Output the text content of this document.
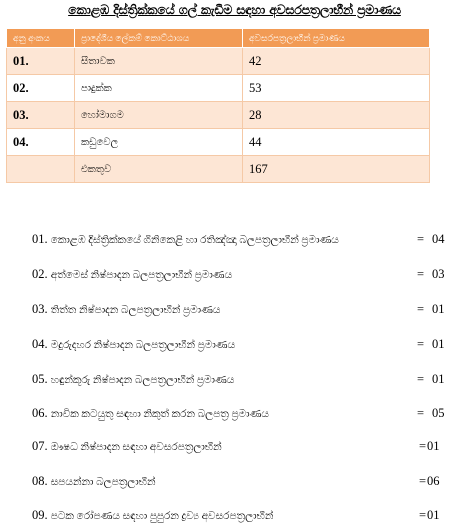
කොළඹ දිස්ත්‍රික්කයේ ගල් කැඩීම සඳහා අවසරපත්‍රලාභීන් ප්‍රමාණය
අනු අංකය	ප්‍රාදේශීය ලේකම් කොට්ඨාශය	අවසරපත්‍රලාභීන් ප්‍රමාණය
01.	සීතාවක	42
02.	පාදුක්ක	53
03.	හෝමාගම	28
04.	කඩුවෙල	44
	එකතුව	167
01. කොළඹ දිස්ත්‍රික්කයේ ගිනිකෙළි හා රතිඤ්ඤා බලපත්‍රලාභීන් ප්‍රමාණය	= 04
02. අත්මෙස් නිෂ්පාදන බලපත්‍රලාභීන් ප්‍රමාණය	= 03
03. තිත්ත නිෂ්පාදන බලපත්‍රලාභීන් ප්‍රමාණය	= 01
04. මදුරුදහර නිෂ්පාදන බලපත්‍රලාභීන් ප්‍රමාණය	= 01
05. හඳුන්කූරු නිෂ්පාදන බලපත්‍රලාභීන් ප්‍රමාණය	= 01
06. නාවික කටයුතු සඳහා නිකුත් කරන බලපත්‍ර ප්‍රමාණය	= 05
07. ඖෂධ නිෂ්පාදන සඳහා අවසරපත්‍රලාභීන්	= 01
08. සපයන්නා බලපත්‍රලාභීන්	= 06
09. පටක රෝපණය සඳහා පුපුරන ද්‍රව්‍ය අවසරපත්‍රලාභීන්	= 01
